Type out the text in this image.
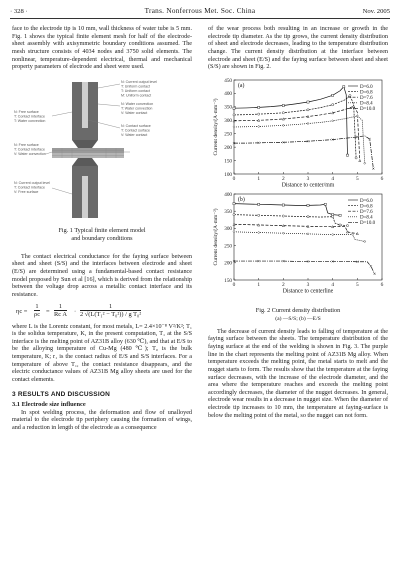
· 328 ·	Trans. Nonferrous Met. Soc. China	Nov. 2005

face to the electrode tip is 10 mm, wall thickness of water tube is 5 mm. Fig. 1 shows the typical finite element mesh for half of the electrode-sheet assembly with axisymmetric boundary conditions assumed. The mesh structure consists of 4034 nodes and 3750 solid elements. The nonlinear, temperature-dependent electrical, thermal and mechanical property parameters of electrode and sheet were used.

N: Current output level
T: Uniform contact
T: Uniform contact
M: Uniform contact
N: Water convection
T: Water convection
V: Water contact
N: Contact surface
T: Contact surface
V: Water contact
N: Free surface
T: Contact interface
T: Water convection
N: Free surface
T: Contact interface
V: Water convection
N: Current output level
T: Contact interface
V: Free surface
Fig. 1 Typical finite element model
and boundary conditions

The contact electrical conductance for the faying surface between sheet and sheet (S/S) and the interfaces between electrode and sheet (E/S) are determined using a fundamental-based contact resistance model proposed by Sun et al [16], which is derived from the relationship between the voltage drop across a metallic contact interface and its resistance.

$\eta c = \frac{1}{\rho c} = \frac{1}{\text{Rc A}} \cdot \frac{1}{\text{2 √(L(T₁² − T₀²)) / g T₀²}}$

where L is the Lorentz constant, for most metals, L= 2.4×10⁻⁸ V²/K²; T₁ is the solidus temperature, K, in the present computation, T₁ at the S/S interface is the melting point of AZ31B alloy (630 ℃), and that at E/S to be the alloying temperature of Cu-Mg (480 ℃); T₀ is the bulk temperature, K; r₁ is the contact radius of E/S and S/S interfaces. For a temperature of above T₁, the contact resistance disappears, and the electric conductance values of AZ31B Mg alloy sheets are used for the contact elements.

3 RESULTS AND DISCUSSION
3.1 Electrode size influence

In spot welding process, the deformation and flow of unalloyed material to the electrode tip periphery causing the formation of wings, and a reduction in length of the electrode as a consequence

of the wear process both resulting in an increase or growth in the electrode tip diameter. As the tip grows, the current density distribution of sheet and electrode decreases, leading to the temperature distribution change. The current density distribution at the interface between electrode and sheet (E/S) and the faying surface between sheet and sheet (S/S) are shown in Fig. 2.

0	1	2	3	4	5	6
100
150
200
250
300
350
400
450
Distance to center/mm
Current density/(A·mm⁻²)
(a)	D=6.0
D=6.8
D=7.6
D=8.4
D=10.0
0	1	2	3	4	5	6
150
200
250
300
350
400
Distance to centerline
Current density/(A·mm⁻²)
(b)	D=6.0
D=6.8
D=7.6
D=8.4
D=10.0
Fig. 2 Current density distribution
(a) —S/S; (b) —E/S

The decrease of current density leads to falling of temperature at the faying surface between the sheets. The temperature distribution of the faying surface at the end of the welding is shown in Fig. 3. The purple line in the chart represents the melting point of AZ31B Mg alloy. When temperature exceeds the melting point, the metal starts to melt and the nugget starts to form. The results show that the temperature at the faying surface decreases, with the increase of the electrode diameter, and the area where the temperature reaches and exceeds the melting point accordingly decreases, the diameter of the nugget decreases. In general, electrode wear results in a decrease in nugget size. When the diameter of electrode tip increases to 10 mm, the temperature at faying-surface is below the melting point of the metal, so the nugget can not form.
